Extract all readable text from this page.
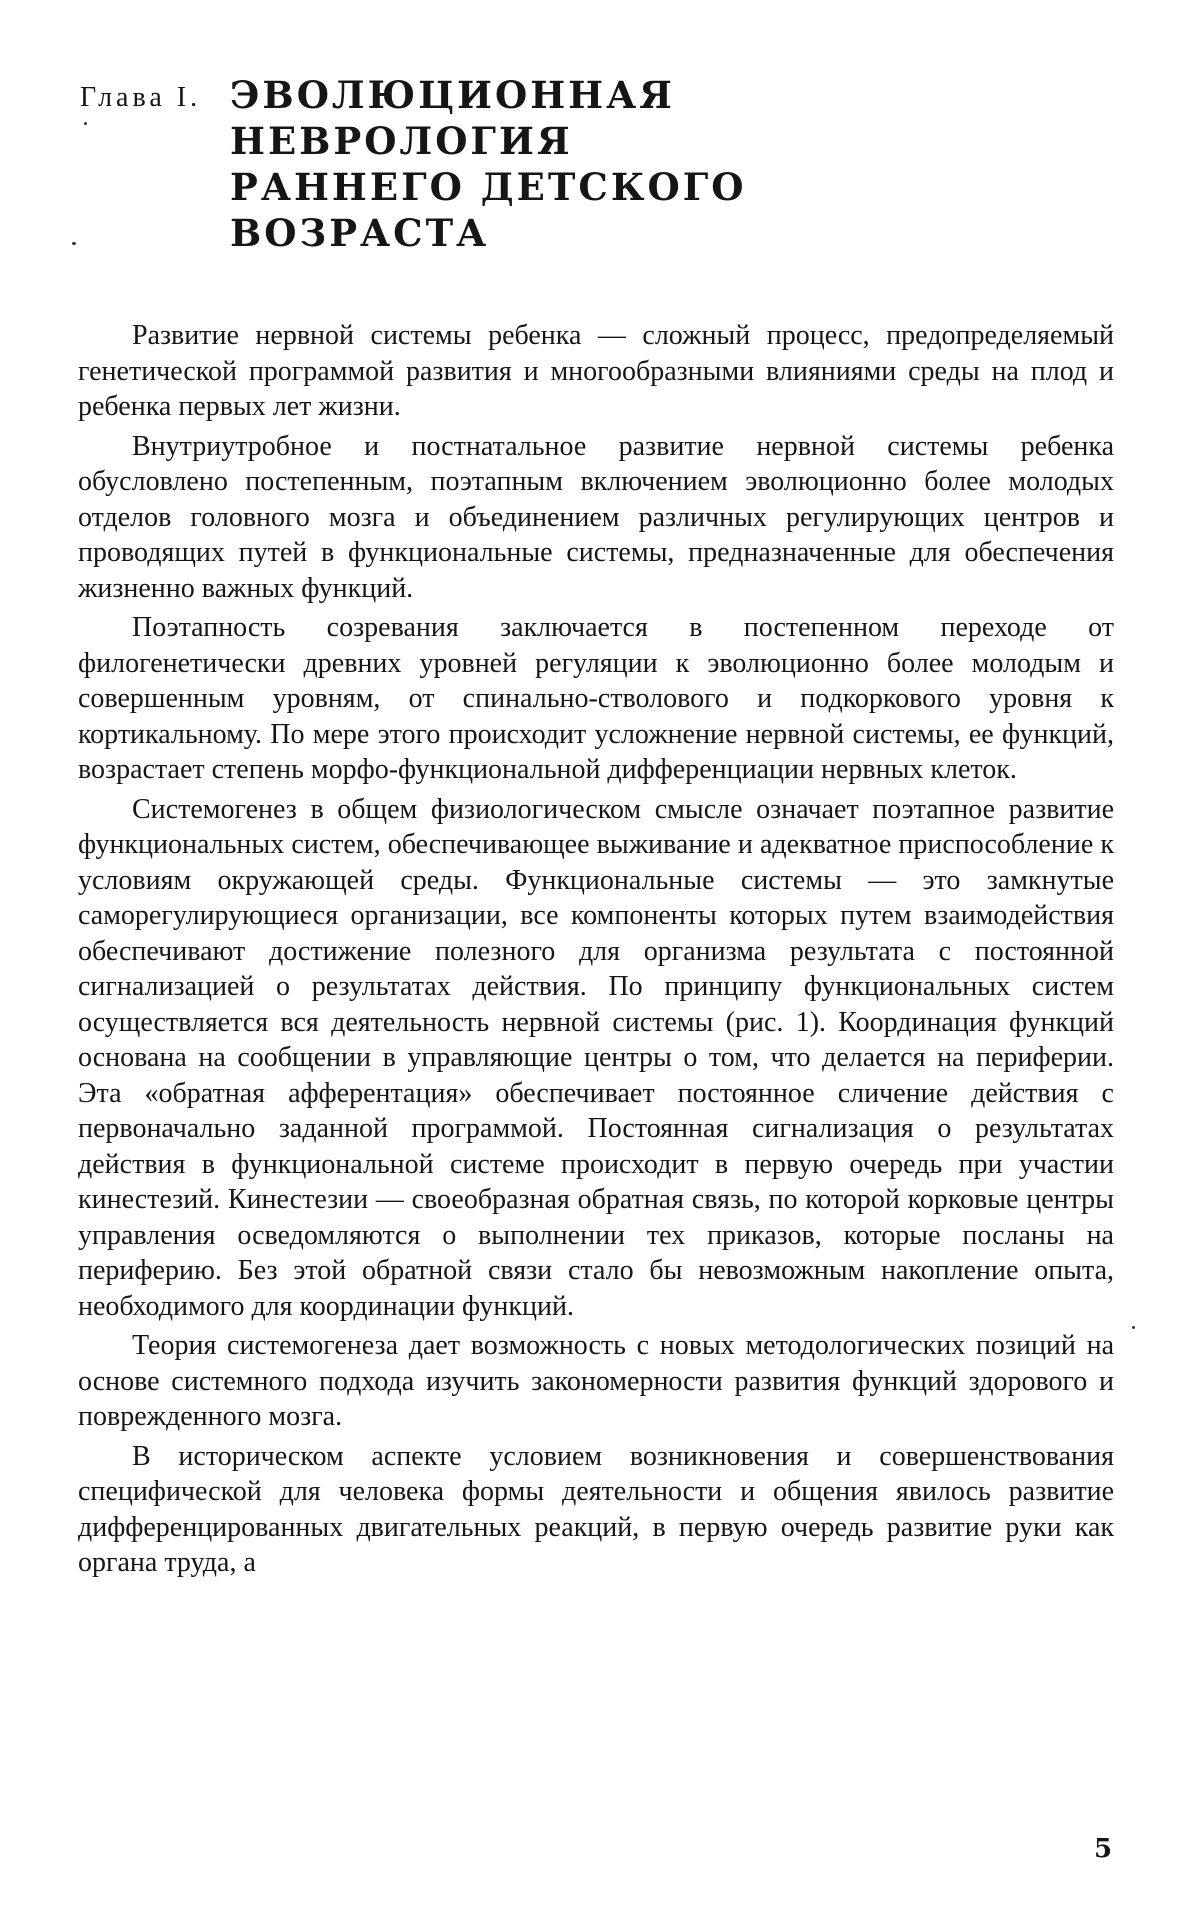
Глава I. ЭВОЛЮЦИОННАЯ
НЕВРОЛОГИЯ
РАННЕГО ДЕТСКОГО
ВОЗРАСТА

Развитие нервной системы ребенка — сложный процесс, предопределяемый генетической программой развития и многообразными влияниями среды на плод и ребенка первых лет жизни.

Внутриутробное и постнатальное развитие нервной системы ребенка обусловлено постепенным, поэтапным включением эволюционно более молодых отделов головного мозга и объединением различных регулирующих центров и проводящих путей в функциональные системы, предназначенные для обеспечения жизненно важных функций.

Поэтапность созревания заключается в постепенном переходе от филогенетически древних уровней регуляции к эволюционно более молодым и совершенным уровням, от спинально-стволового и подкоркового уровня к кортикальному. По мере этого происходит усложнение нервной системы, ее функций, возрастает степень морфо-функциональной дифференциации нервных клеток.

Системогенез в общем физиологическом смысле означает поэтапное развитие функциональных систем, обеспечивающее выживание и адекватное приспособление к условиям окружающей среды. Функциональные системы — это замкнутые саморегулирующиеся организации, все компоненты которых путем взаимодействия обеспечивают достижение полезного для организма результата с постоянной сигнализацией о результатах действия. По принципу функциональных систем осуществляется вся деятельность нервной системы (рис. 1). Координация функций основана на сообщении в управляющие центры о том, что делается на периферии. Эта «обратная афферентация» обеспечивает постоянное сличение действия с первоначально заданной программой. Постоянная сигнализация о результатах действия в функциональной системе происходит в первую очередь при участии кинестезий. Кинестезии — своеобразная обратная связь, по которой корковые центры управления осведомляются о выполнении тех приказов, которые посланы на периферию. Без этой обратной связи стало бы невозможным накопление опыта, необходимого для координации функций.

Теория системогенеза дает возможность с новых методологических позиций на основе системного подхода изучить закономерности развития функций здорового и поврежденного мозга.

В историческом аспекте условием возникновения и совершенствования специфической для человека формы деятельности и общения явилось развитие дифференцированных двигательных реакций, в первую очередь развитие руки как органа труда, а

5
